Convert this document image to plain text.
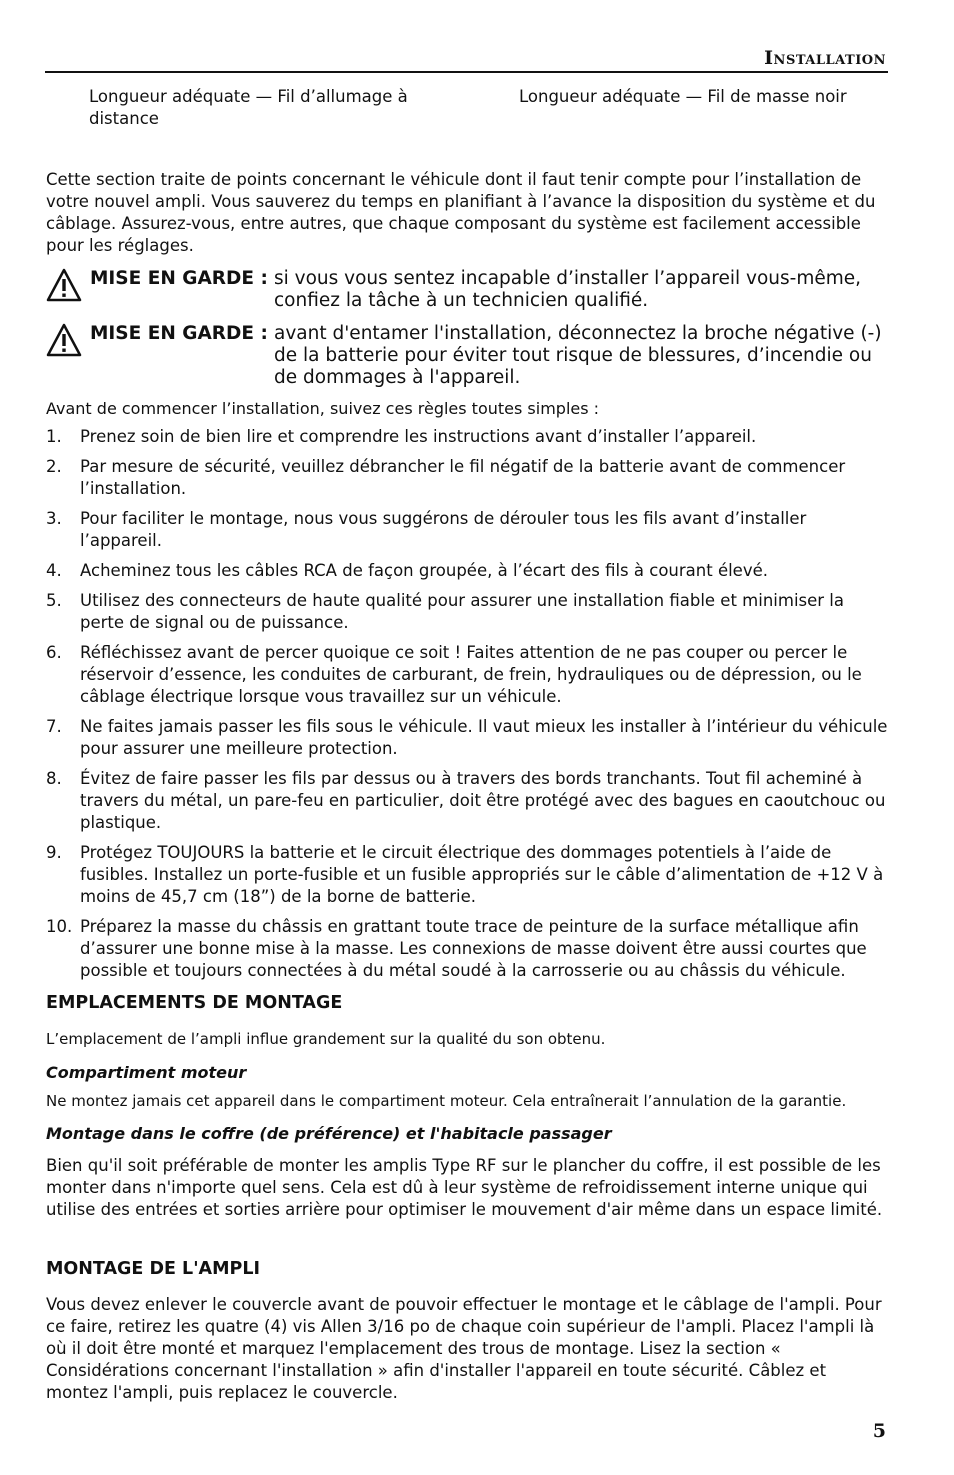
Installation
Longueur adéquate — Fil d’allumage à distance
Longueur adéquate — Fil de masse noir
Cette section traite de points concernant le véhicule dont il faut tenir compte pour l’installation de votre nouvel ampli. Vous sauverez du temps en planifiant à l’avance la disposition du système et du câblage. Assurez-vous, entre autres, que chaque composant du système est facilement accessible pour les réglages.
MISE EN GARDE : si vous vous sentez incapable d’installer l’appareil vous-même, confiez la tâche à un technicien qualifié.
MISE EN GARDE : avant d'entamer l'installation, déconnectez la broche négative (-) de la batterie pour éviter tout risque de blessures, d’incendie ou de dommages à l'appareil.
Avant de commencer l’installation, suivez ces règles toutes simples :
1. Prenez soin de bien lire et comprendre les instructions avant d’installer l’appareil.
2. Par mesure de sécurité, veuillez débrancher le fil négatif de la batterie avant de commencer l’installation.
3. Pour faciliter le montage, nous vous suggérons de dérouler tous les fils avant d’installer l’appareil.
4. Acheminez tous les câbles RCA de façon groupée, à l’écart des fils à courant élevé.
5. Utilisez des connecteurs de haute qualité pour assurer une installation fiable et minimiser la perte de signal ou de puissance.
6. Réfléchissez avant de percer quoique ce soit ! Faites attention de ne pas couper ou percer le réservoir d’essence, les conduites de carburant, de frein, hydrauliques ou de dépression, ou le câblage électrique lorsque vous travaillez sur un véhicule.
7. Ne faites jamais passer les fils sous le véhicule. Il vaut mieux les installer à l’intérieur du véhicule pour assurer une meilleure protection.
8. Évitez de faire passer les fils par dessus ou à travers des bords tranchants. Tout fil acheminé à travers du métal, un pare-feu en particulier, doit être protégé avec des bagues en caoutchouc ou plastique.
9. Protégez TOUJOURS la batterie et le circuit électrique des dommages potentiels à l’aide de fusibles. Installez un porte-fusible et un fusible appropriés sur le câble d’alimentation de +12 V à moins de 45,7 cm (18”) de la borne de batterie.
10. Préparez la masse du châssis en grattant toute trace de peinture de la surface métallique afin d’assurer une bonne mise à la masse. Les connexions de masse doivent être aussi courtes que possible et toujours connectées à du métal soudé à la carrosserie ou au châssis du véhicule.
EMPLACEMENTS DE MONTAGE
L’emplacement de l’ampli influe grandement sur la qualité du son obtenu.
Compartiment moteur
Ne montez jamais cet appareil dans le compartiment moteur. Cela entraînerait l’annulation de la garantie.
Montage dans le coffre (de préférence) et l'habitacle passager
Bien qu'il soit préférable de monter les amplis Type RF sur le plancher du coffre, il est possible de les monter dans n'importe quel sens. Cela est dû à leur système de refroidissement interne unique qui utilise des entrées et sorties arrière pour optimiser le mouvement d'air même dans un espace limité.
MONTAGE DE L'AMPLI
Vous devez enlever le couvercle avant de pouvoir effectuer le montage et le câblage de l'ampli. Pour ce faire, retirez les quatre (4) vis Allen 3/16 po de chaque coin supérieur de l'ampli. Placez l'ampli là où il doit être monté et marquez l'emplacement des trous de montage. Lisez la section « Considérations concernant l'installation » afin d'installer l'appareil en toute sécurité. Câblez et montez l'ampli, puis replacez le couvercle.
5
